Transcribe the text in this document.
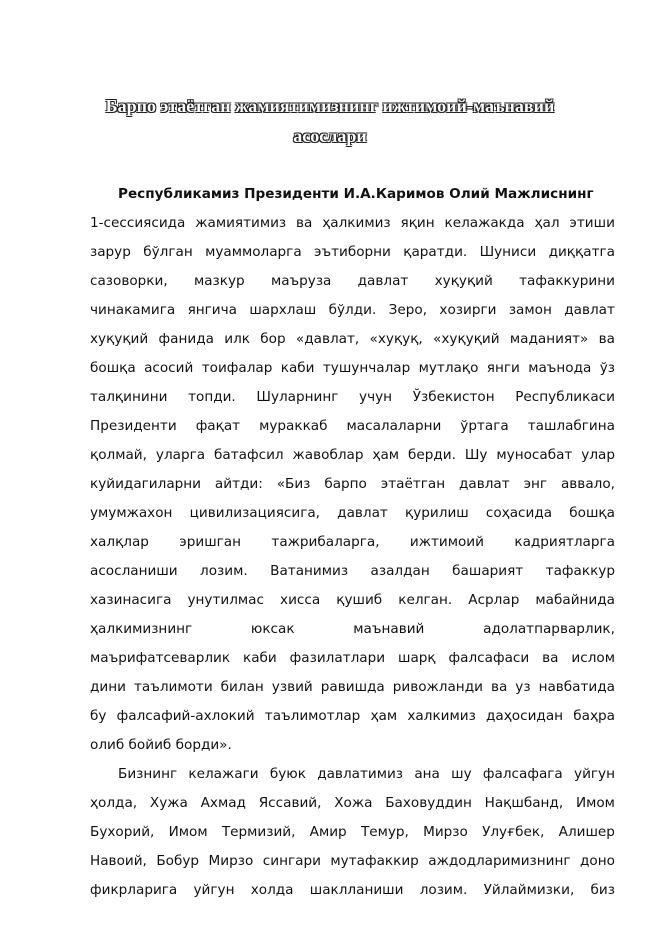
Барпо этаётган жамиятимизнинг ижтимоий-маънавий
асослари
Республикамиз Президенти И.А.Каримов Олий Мажлиснинг
1-сессиясида жамиятимиз ва ҳалкимиз яқин келажакда ҳал этиши
зарур бўлган муаммоларга эътиборни қаратди. Шуниси диққатга
сазоворки, мазкур маъруза давлат хуқуқий тафаккурини
чинакамига янгича шархлаш бўлди. Зеро, хозирги замон давлат
хуқуқий фанида илк бор «давлат, «хуқуқ, «хуқуқий маданият» ва
бошқа асосий тоифалар каби тушунчалар мутлақо янги маънода ўз
талқинини топди. Шуларнинг учун Ўзбекистон Республикаси
Президенти фақат мураккаб масалаларни ўртага ташлабгина
қолмай, уларга батафсил жавоблар ҳам берди. Шу муносабат улар
куйидагиларни айтди: «Биз барпо этаётган давлат энг аввало,
умумжахон цивилизациясига, давлат қурилиш соҳасида бошқа
халқлар эришган тажрибаларга, ижтимоий кадриятларга
асосланиши лозим. Ватанимиз азалдан башарият тафаккур
хазинасига унутилмас хисса қушиб келган. Асрлар мабайнида
ҳалкимизнинг	юксак	маънавий	адолатпарварлик,
маърифатсеварлик каби фазилатлари шарқ фалсафаси ва ислом
дини таълимоти билан узвий равишда ривожланди ва уз навбатида
бу фалсафий-ахлокий таълимотлар ҳам халкимиз даҳосидан баҳра
олиб бойиб борди».
Бизнинг келажаги буюк давлатимиз ана шу фалсафага уйгун
ҳолда, Хужа Ахмад Яссавий, Хожа Баховуддин Нақшбанд, Имом
Бухорий, Имом Термизий, Амир Темур, Мирзо Улуғбек, Алишер
Навоий, Бобур Мирзо сингари мутафаккир аждодларимизнинг доно
фикрларига уйгун холда шаклланиши лозим. Уйлаймизки, биз
